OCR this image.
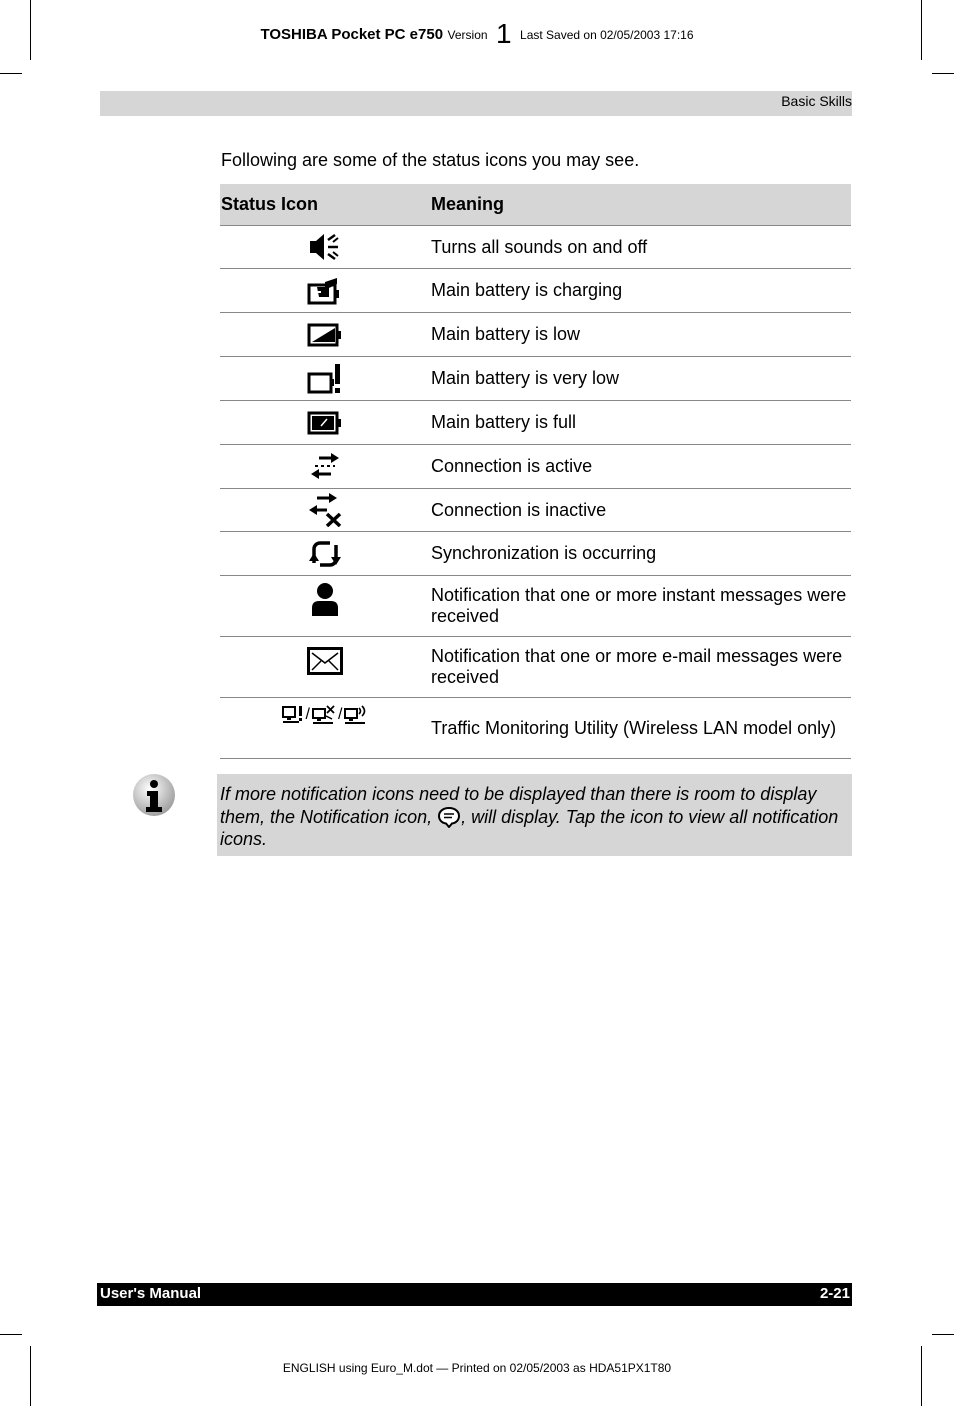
TOSHIBA Pocket PC e750 Version 1 Last Saved on 02/05/2003 17:16
Basic Skills
Following are some of the status icons you may see.
Status Icon	Meaning
	Turns all sounds on and off
	Main battery is charging
	Main battery is low
	Main battery is very low
	Main battery is full
	Connection is active
	Connection is inactive
	Synchronization is occurring
	Notification that one or more instant messages were received
	Notification that one or more e-mail messages were received
/ /	Traffic Monitoring Utility (Wireless LAN model only)
If more notification icons need to be displayed than there is room to display them, the Notification icon, , will display. Tap the icon to view all notification icons.
User's Manual	2-21
ENGLISH using Euro_M.dot — Printed on 02/05/2003 as HDA51PX1T80
